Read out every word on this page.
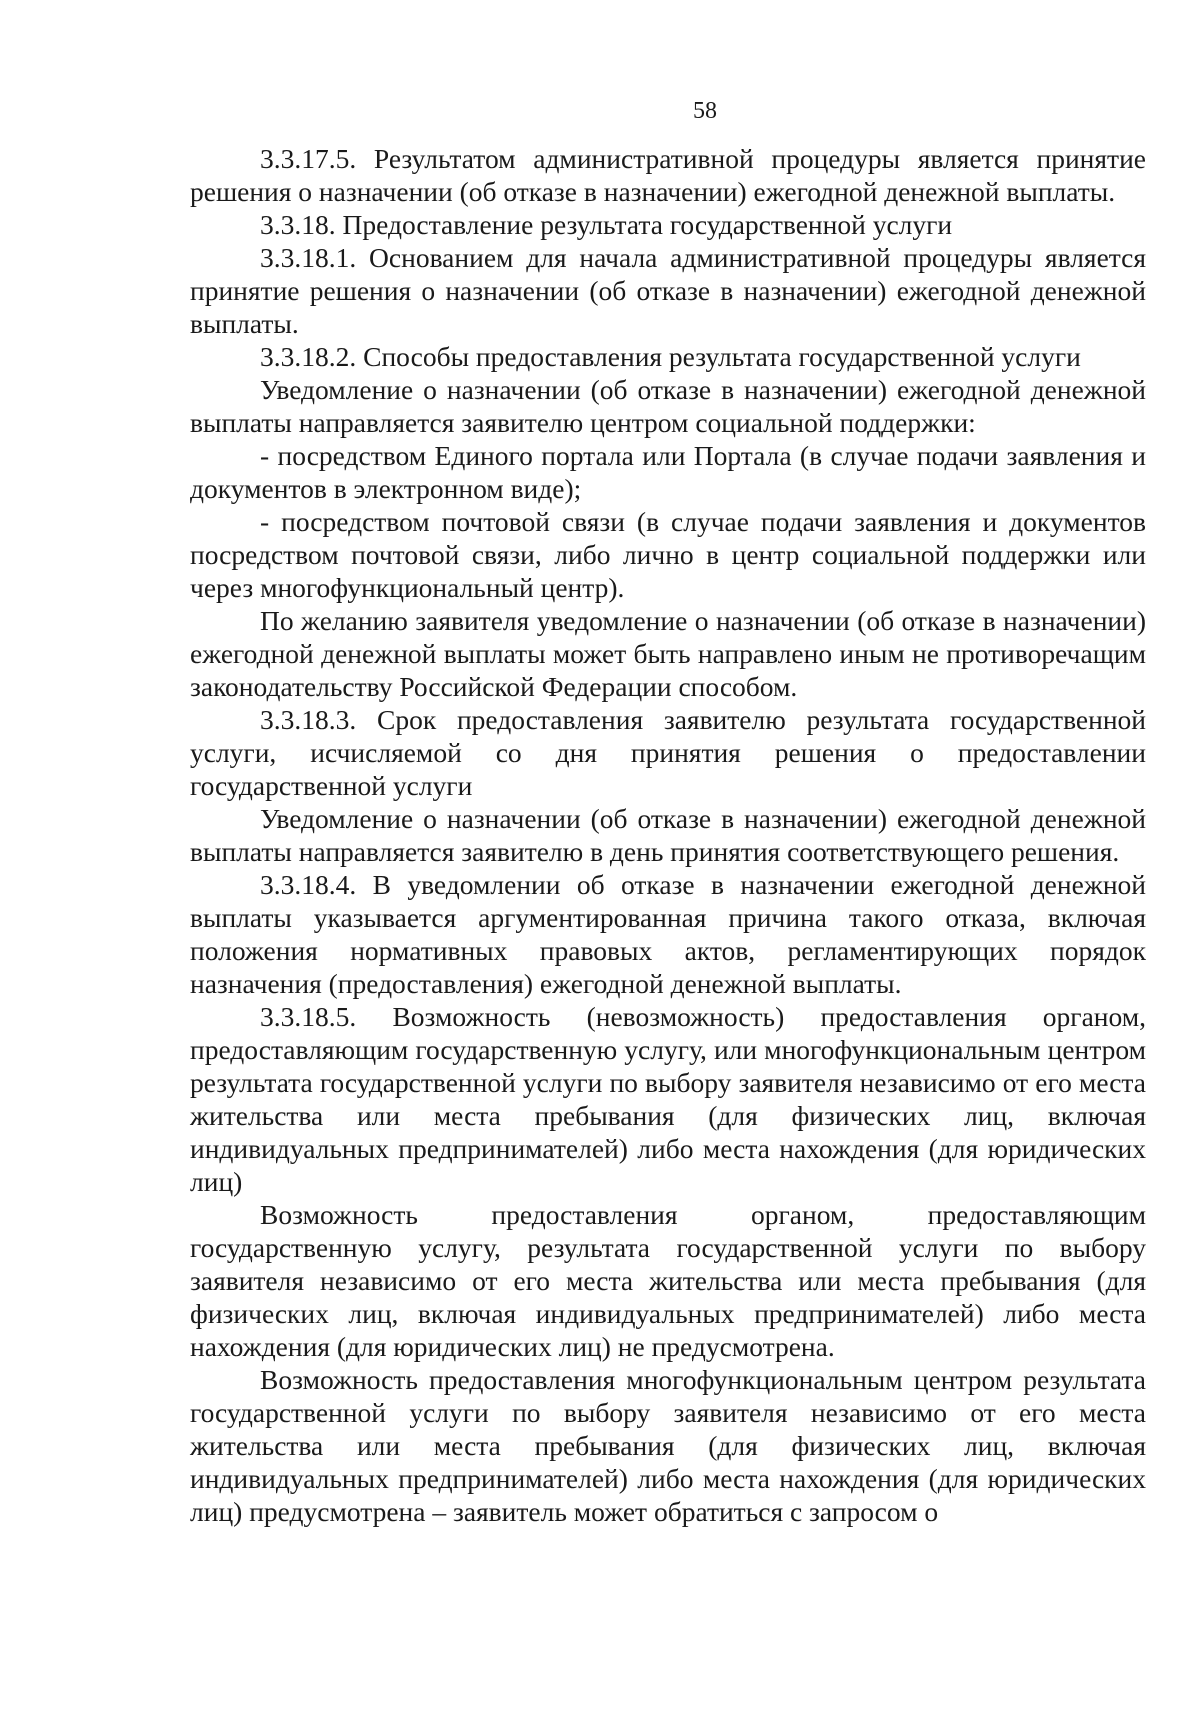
58

3.3.17.5. Результатом административной процедуры является принятие решения о назначении (об отказе в назначении) ежегодной денежной выплаты.

3.3.18. Предоставление результата государственной услуги

3.3.18.1. Основанием для начала административной процедуры является принятие решения о назначении (об отказе в назначении) ежегодной денежной выплаты.

3.3.18.2. Способы предоставления результата государственной услуги

Уведомление о назначении (об отказе в назначении) ежегодной денежной выплаты направляется заявителю центром социальной поддержки:

- посредством Единого портала или Портала (в случае подачи заявления и документов в электронном виде);

- посредством почтовой связи (в случае подачи заявления и документов посредством почтовой связи, либо лично в центр социальной поддержки или через многофункциональный центр).

По желанию заявителя уведомление о назначении (об отказе в назначении) ежегодной денежной выплаты может быть направлено иным не противоречащим законодательству Российской Федерации способом.

3.3.18.3. Срок предоставления заявителю результата государственной услуги, исчисляемой со дня принятия решения о предоставлении государственной услуги

Уведомление о назначении (об отказе в назначении) ежегодной денежной выплаты направляется заявителю в день принятия соответствующего решения.

3.3.18.4. В уведомлении об отказе в назначении ежегодной денежной выплаты указывается аргументированная причина такого отказа, включая положения нормативных правовых актов, регламентирующих порядок назначения (предоставления) ежегодной денежной выплаты.

3.3.18.5. Возможность (невозможность) предоставления органом, предоставляющим государственную услугу, или многофункциональным центром результата государственной услуги по выбору заявителя независимо от его места жительства или места пребывания (для физических лиц, включая индивидуальных предпринимателей) либо места нахождения (для юридических лиц)

Возможность предоставления органом, предоставляющим государственную услугу, результата государственной услуги по выбору заявителя независимо от его места жительства или места пребывания (для физических лиц, включая индивидуальных предпринимателей) либо места нахождения (для юридических лиц) не предусмотрена.

Возможность предоставления многофункциональным центром результата государственной услуги по выбору заявителя независимо от его места жительства или места пребывания (для физических лиц, включая индивидуальных предпринимателей) либо места нахождения (для юридических лиц) предусмотрена – заявитель может обратиться с запросом о
